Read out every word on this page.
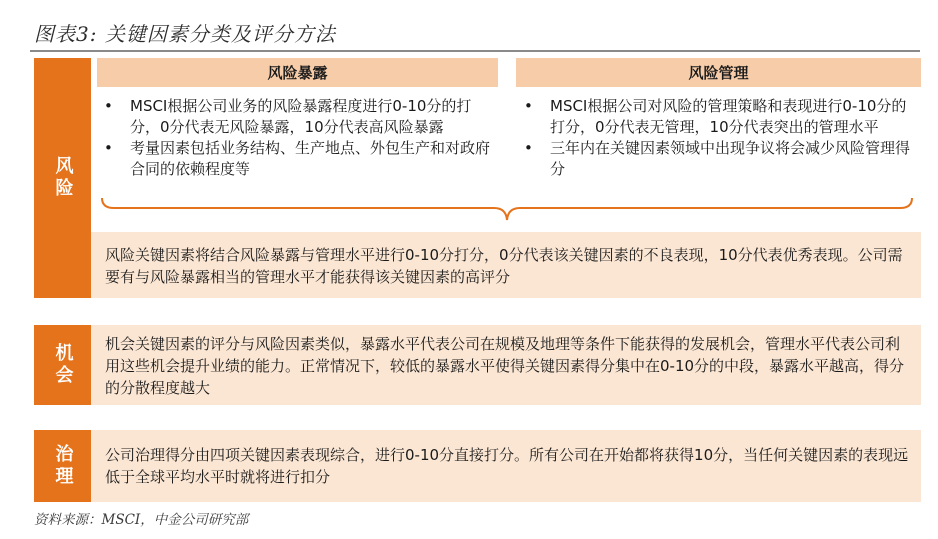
图表3: 关键因素分类及评分方法
风险
风险暴露	风险管理
• MSCI根据公司业务的风险暴露程度进行0-10分的打分，0分代表无风险暴露，10分代表高风险暴露
• 考量因素包括业务结构、生产地点、外包生产和对政府合同的依赖程度等
• MSCI根据公司对风险的管理策略和表现进行0-10分的打分，0分代表无管理，10分代表突出的管理水平
• 三年内在关键因素领域中出现争议将会减少风险管理得分
风险关键因素将结合风险暴露与管理水平进行0-10分打分，0分代表该关键因素的不良表现，10分代表优秀表现。公司需要有与风险暴露相当的管理水平才能获得该关键因素的高评分
机会	机会关键因素的评分与风险因素类似，暴露水平代表公司在规模及地理等条件下能获得的发展机会，管理水平代表公司利用这些机会提升业绩的能力。正常情况下，较低的暴露水平使得关键因素得分集中在0-10分的中段，暴露水平越高，得分的分散程度越大
治理	公司治理得分由四项关键因素表现综合，进行0-10分直接打分。所有公司在开始都将获得10分，当任何关键因素的表现远低于全球平均水平时就将进行扣分
资料来源：MSCI，中金公司研究部
